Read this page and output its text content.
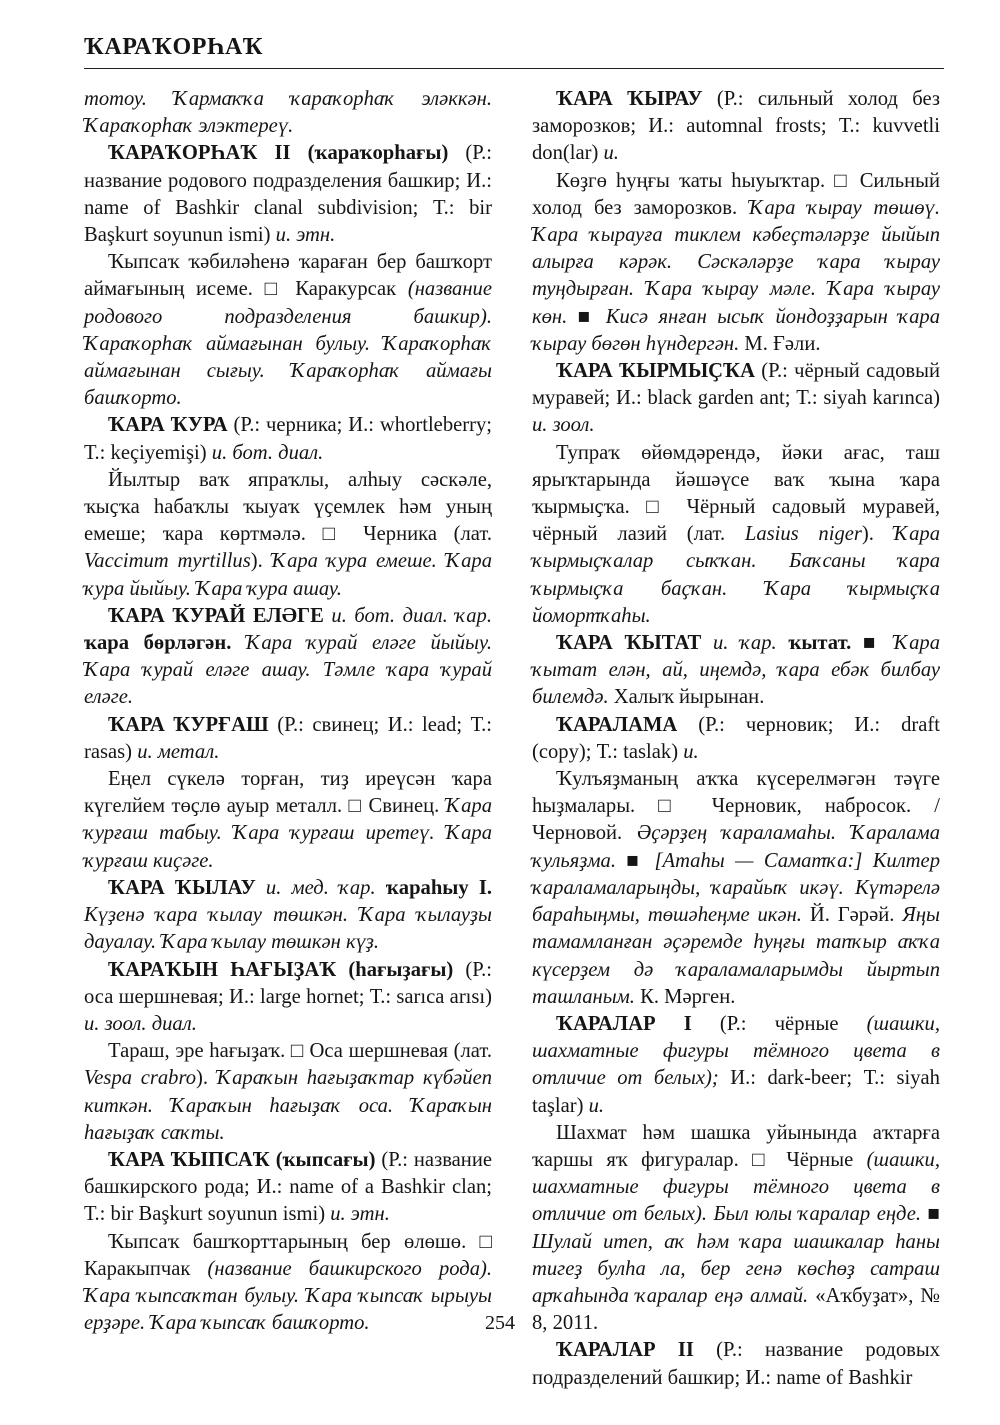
ҠАРАҠОРҺАҠ

тотоу. Ҡармаҡҡа ҡараҡорһаҡ эләккән. Ҡараҡорһаҡ элэктереү.

ҠАРАҠОРҺАҠ II (ҡараҡорһағы) (Р.: название родового подразделения башкир; И.: name of Bashkir clanal subdivision; Т.: bir Başkurt soyunun ismi) и. этн.

Ҡыпсаҡ ҡәбиләһенә ҡараған бер башҡорт аймағының исеме. □ Каракурсак (название родового подразделения башкир). Ҡараҡорһаҡ аймағынан булыу. Ҡараҡорһаҡ аймағынан сығыу. Ҡараҡорһаҡ аймағы башҡорто.

ҠАРА ҠУРА (Р.: черника; И.: whortleberry; Т.: keçiyemişi) и. бот. диал.

Йылтыр ваҡ япраҡлы, алһыу сәскәле, ҡыҫҡа һабаҡлы ҡыуаҡ үҫемлек һәм уның емеше; ҡара көртмәлә. □ Черника (лат. Vaccimum myrtillus). Ҡара ҡура емеше. Ҡара ҡура йыйыу. Ҡара ҡура ашау.

ҠАРА ҠУРАЙ ЕЛӘГЕ и. бот. диал. ҡар. ҡара бөрләгән. Ҡара ҡурай еләге йыйыу. Ҡара ҡурай еләге ашау. Тәмле ҡара ҡурай еләге.

ҠАРА ҠУРҒАШ (Р.: свинец; И.: lead; Т.: rasas) и. метал.

Еңел сүкелә торған, тиҙ иреүсән ҡара күгелйем төҫлө ауыр металл. □ Свинец. Ҡара ҡурғаш табыу. Ҡара ҡурғаш иретеү. Ҡара ҡурғаш киҫәге.

ҠАРА ҠЫЛАУ и. мед. ҡар. ҡараһыу I. Күҙенә ҡара ҡылау төшкән. Ҡара ҡылауҙы дауалау. Ҡара ҡылау төшкән күҙ.

ҠАРАҠЫН ҺАҒЫҘАҠ (һағыҙағы) (Р.: оса шершневая; И.: large hornet; Т.: sarıca arısı) и. зоол. диал.

Тараш, эре һағыҙаҡ. □ Оса шершневая (лат. Vespa crabro). Ҡараҡын һағыҙаҡтар күбәйеп киткән. Ҡараҡын һағыҙаҡ оса. Ҡараҡын һағыҙаҡ саҡты.

ҠАРА ҠЫПСАҠ (ҡыпсағы) (Р.: название башкирского рода; И.: name of a Bashkir clan; Т.: bir Başkurt soyunun ismi) и. этн.

Ҡыпсаҡ башҡорттарының бер өлөшө. □ Каракыпчак (название башкирского рода). Ҡара ҡыпсаҡтан булыу. Ҡара ҡыпсаҡ ырыуы ерҙәре. Ҡара ҡыпсаҡ башҡорто.

ҠАРА ҠЫРАУ (Р.: сильный холод без заморозков; И.: automnal frosts; Т.: kuvvetli don(lar) и.

Көҙгө һуңғы ҡаты һыуыҡтар. □ Сильный холод без заморозков. Ҡара ҡырау төшөү. Ҡара ҡырауға тиклем кәбеҫтәләрҙе йыйып алырға кәрәк. Сәскәләрҙе ҡара ҡырау туңдырған. Ҡара ҡырау мәле. Ҡара ҡырау көн. ■ Кисә янған ысыҡ йондоҙҙарын ҡара ҡырау бөгөн һүндергән. М. Ғәли.

ҠАРА ҠЫРМЫҪҠА (Р.: чёрный садовый муравей; И.: black garden ant; Т.: siyah karınca) и. зоол.

Тупраҡ өйөмдәрендә, йәки ағас, таш ярыҡтарында йәшәүсе ваҡ ҡына ҡара ҡырмыҫҡа. □ Чёрный садовый муравей, чёрный лазий (лат. Lasius niger). Ҡара ҡырмыҫҡалар сыҡҡан. Баҡсаны ҡара ҡырмыҫҡа баҫҡан. Ҡара ҡырмыҫҡа йомортҡаһы.

ҠАРА ҠЫТАТ и. ҡар. ҡытат. ■ Ҡара ҡытат елән, ай, иңемдә, ҡара ебәк билбау билемдә. Халыҡ йырынан.

ҠАРАЛАМА (Р.: черновик; И.: draft (copy); Т.: taslak) и.

Ҡулъяҙманың аҡҡа күсерелмәгән тәүге һыҙмалары. □ Черновик, набросок. / Черновой. Әҫәрҙең ҡараламаһы. Ҡаралама ҡульяҙма. ■ [Атаһы — Саматҡа:] Килтер ҡараламаларыңды, ҡарайыҡ икәү. Күтәрелә бараһыңмы, төшәһеңме икән. Й. Гәрәй. Яңы тамамланған әҫәремде һуңғы тапҡыр аҡҡа күсерҙем дә ҡараламаларымды йыртып ташланым. К. Мәрген.

ҠАРАЛАР I (Р.: чёрные (шашки, шахматные фигуры тёмного цвета в отличие от белых); И.: dark-beer; Т.: siyah taşlar) и.

Шахмат һәм шашка уйынында аҡтарға ҡаршы яҡ фигуралар. □ Чёрные (шашки, шахматные фигуры тёмного цвета в отличие от белых). Был юлы ҡаралар еңде. ■ Шулай итеп, аҡ һәм ҡара шашкалар һаны тигеҙ булһа ла, бер генә көсһөҙ сатраш арҡаһында ҡаралар еңә алмай. «Аҡбуҙат», № 8, 2011.

ҠАРАЛАР II (Р.: название родовых подразделений башкир; И.: name of Bashkir

254
